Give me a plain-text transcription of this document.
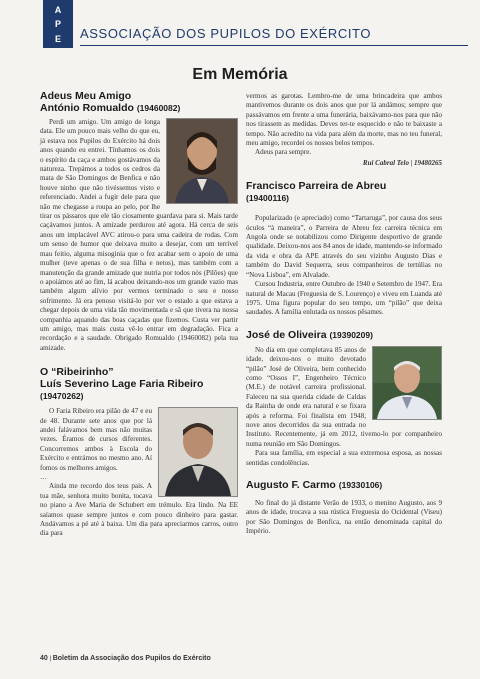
A
P
E ASSOCIAÇÃO DOS PUPILOS DO EXÉRCITO
Em Memória
Adeus Meu Amigo
António Romualdo (19460082)

Perdi um amigo. Um amigo de longa data. Ele um pouco mais velho do que eu, já estava nos Pupilos do Exército há dois anos quando eu entrei. Tínhamos os dois o espírito da caça e ambos gostávamos da natureza. Trepámos a todos os cedros da mata de São Domingos de Benfica e não houve ninho que não tivéssemos visto e referenciado. Andei a fugir dele para que não me chegasse a roupa ao pelo, por lhe tirar os pássaros que ele tão ciosamente guardava para si. Mais tarde caçávamos juntos. A amizade perdurou até agora. Há cerca de seis anos um implacável AVC atirou-o para uma cadeira de rodas. Com um senso de humor que deixava muito a desejar, com um terrível mau feitio, alguma misoginia que o fez acabar sem o apoio de uma mulher (teve apenas o de sua filha e netos), mas também com a manutenção da grande amizade que nutria por todos nós (Pilões) que o apoiámos até ao fim, lá acabou deixando-nos um grande vazio mas também algum alívio por vermos terminado o seu e nosso sofrimento. Já era penoso visitá-lo por ver o estado a que estava a chegar depois de uma vida tão movimentada e sã que tivera na nossa companhia aquando das boas caçadas que fizemos. Custa ver partir um amigo, mas mais custa vê-lo entrar em degradação. Fica a recordação e a saudade. Obrigado Romualdo (19460082) pela tua amizade.

O “Ribeirinho”
Luís Severino Lage Faria Ribeiro
(19470262)

O Faria Ribeiro era pilão de 47 e eu de 48. Durante sete anos que por lá andei falávamos bem mas não muitas vezes. Éramos de cursos diferentes. Concorremos ambos à Escola do Exército e entrámos no mesmo ano. Aí fomos os melhores amigos.

…

Ainda me recordo dos teus pais. A tua mãe, senhora muito bonita, tocava no piano a Ave Maria de Schubert em trémulo. Era lindo. Na EE saíamos quase sempre juntos e com pouco dinheiro para gastar. Andávamos a pé até à baixa. Um dia para apreciarmos carros, outro dia para

vermos as garotas. Lembro-me de uma brincadeira que ambos mantivemos durante os dois anos que por lá andámos; sempre que passávamos em frente a uma funerária, baixávamo-nos para que não nos tirassem as medidas. Deves ter-te esquecido e não te baixaste a tempo. Não acredito na vida para além da morte, mas no teu funeral, meu amigo, recordei os nossos belos tempos.

Adeus para sempre.

Rui Cabral Telo | 19480265

Francisco Parreira de Abreu
(19400116)

Popularizado (e apreciado) como “Tartaruga”, por causa dos seus óculos “à maneira”, o Parreira de Abreu fez carreira técnica em Angola onde se notabilizou como Dirigente desportivo de grande qualidade. Deixou-nos aos 84 anos de idade, mantendo-se informado da vida e obra da APE através do seu vizinho Augusto Dias e também do David Sequerra, seus companheiros de tertúlias no “Nova Lisboa”, em Alvalade.

Cursou Industria, entre Outubro de 1940 e Setembro de 1947. Era natural de Macau (Freguesia de S. Lourenço) e viveu em Luanda até 1975. Uma figura popular do seu tempo, um “pilão” que deixa saudades. A família enlutada os nossos pêsames.

José de Oliveira (19390209)

No dia em que completava 85 anos de idade, deixou-nos o muito devotado “pilão” José de Oliveira, bem conhecido como “Ossos I”, Engenheiro Técnico (M.E.) de notável carreira profissional. Faleceu na sua querida cidade de Caldas da Rainha de onde era natural e se fixara após a reforma. Foi finalista em 1948, nove anos decorridos da sua entrada no Instituto. Recentemente, já em 2012, tivemo-lo por companheiro numa reunião em São Domingos.

Para sua família, em especial a sua extremosa esposa, as nossas sentidas condolências.

Augusto F. Carmo (19330106)

No final do já distante Verão de 1933, o menino Augusto, aos 9 anos de idade, trocava a sua rústica Freguesia do Ocidental (Viseu) por São Domingos de Benfica, na então denominada capital do Império.

40 | Boletim da Associação dos Pupilos do Exército
